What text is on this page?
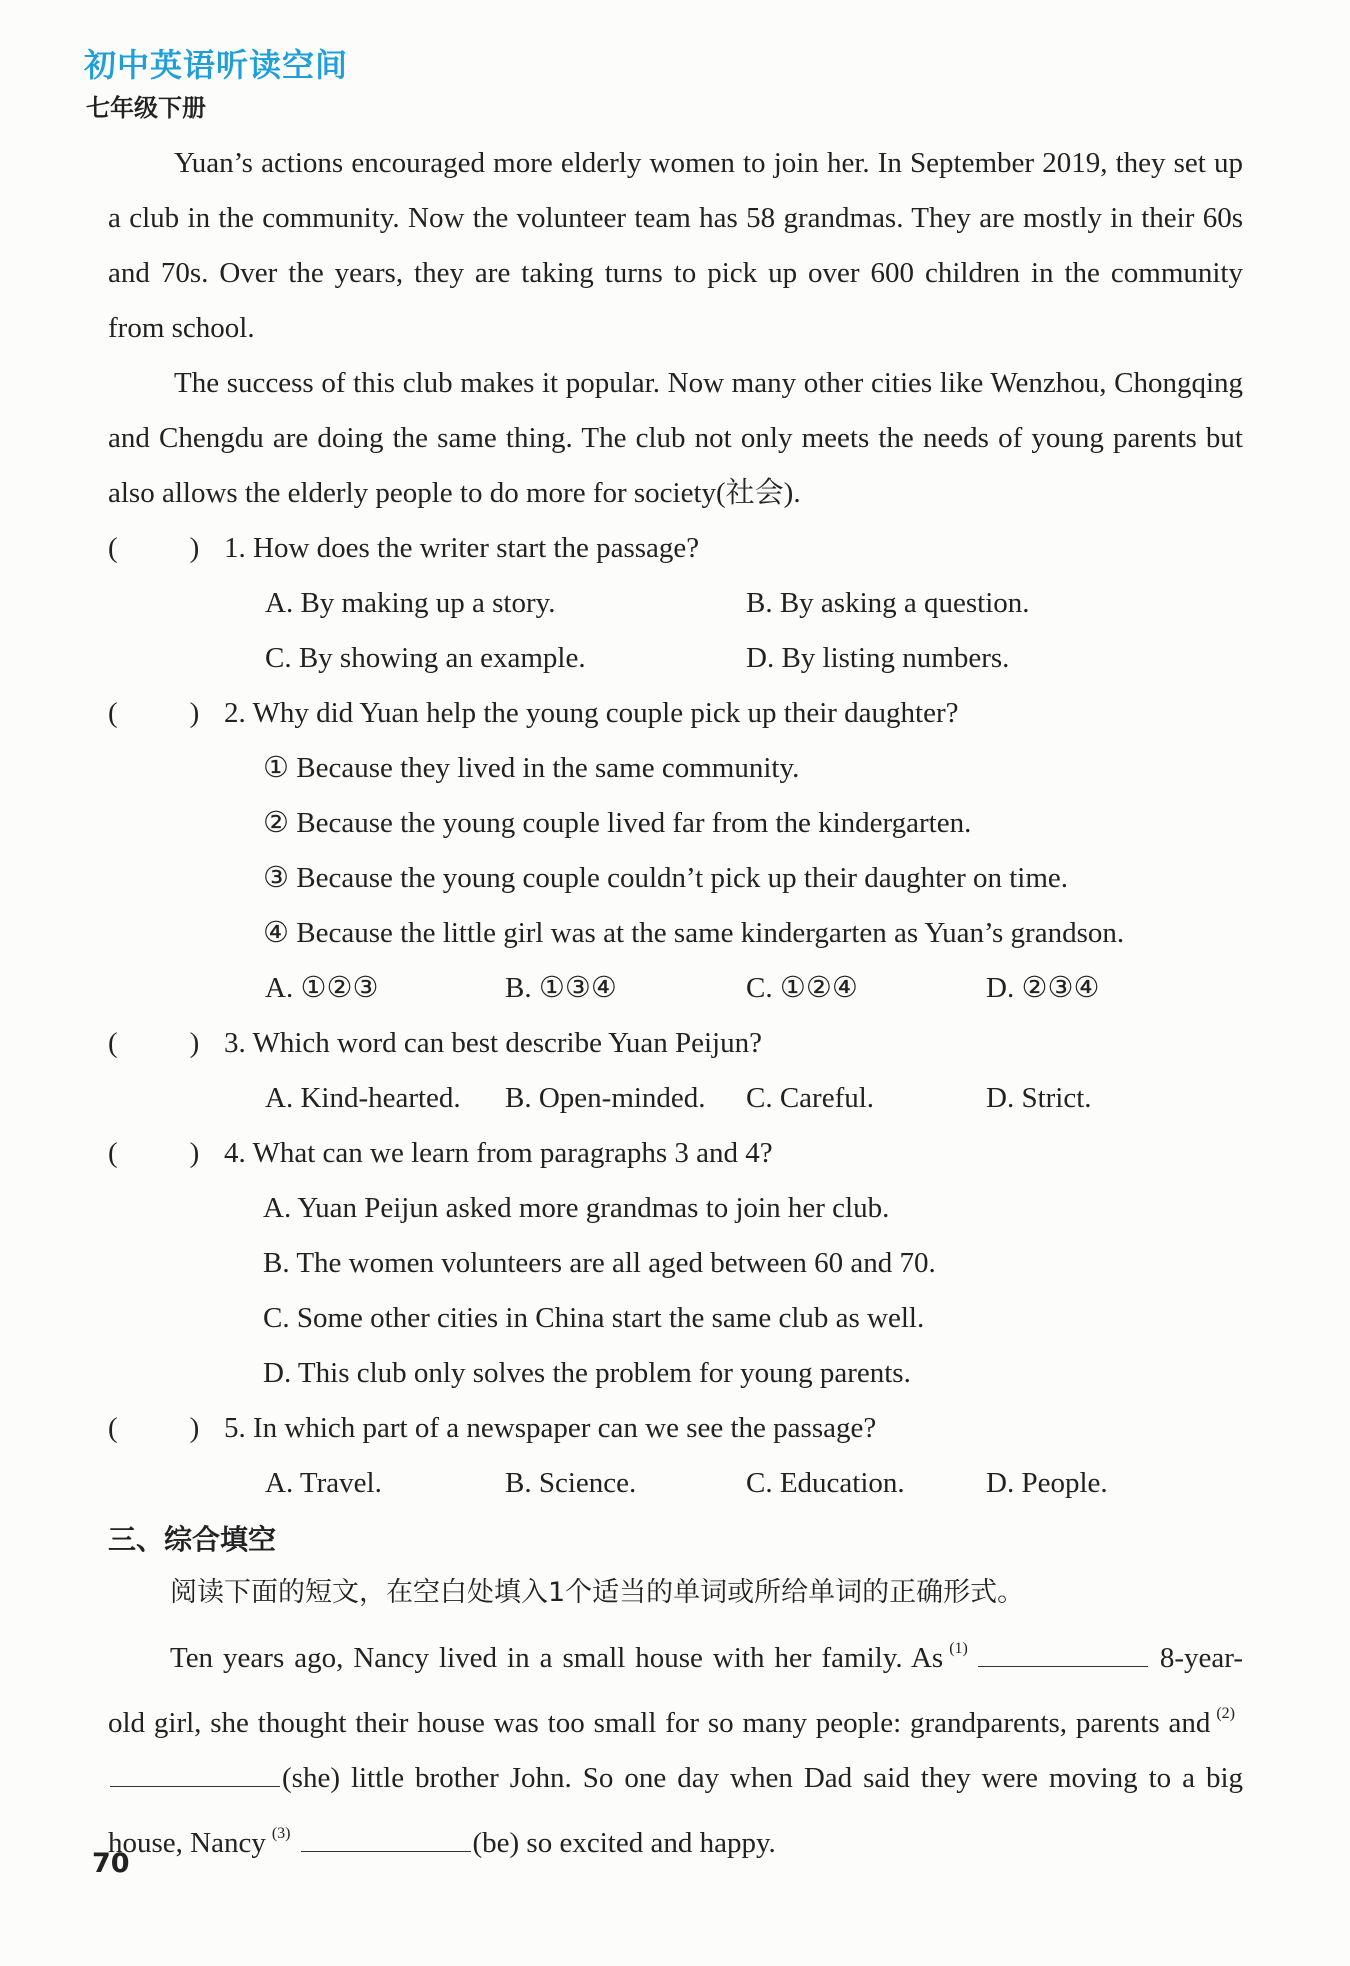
初中英语听读空间
七年级下册

Yuan’s actions encouraged more elderly women to join her. In September 2019, they set up a club in the community. Now the volunteer team has 58 grandmas. They are mostly in their 60s and 70s. Over the years, they are taking turns to pick up over 600 children in the community from school.

The success of this club makes it popular. Now many other cities like Wenzhou, Chongqing and Chengdu are doing the same thing. The club not only meets the needs of young parents but also allows the elderly people to do more for society(社会).

( ) 1. How does the writer start the passage?
A. By making up a story.	B. By asking a question.
C. By showing an example.	D. By listing numbers.
( ) 2. Why did Yuan help the young couple pick up their daughter?
① Because they lived in the same community.
② Because the young couple lived far from the kindergarten.
③ Because the young couple couldn’t pick up their daughter on time.
④ Because the little girl was at the same kindergarten as Yuan’s grandson.
A. ①②③	B. ①③④	C. ①②④	D. ②③④
( ) 3. Which word can best describe Yuan Peijun?
A. Kind-hearted. B. Open-minded. C. Careful.	D. Strict.
( ) 4. What can we learn from paragraphs 3 and 4?
A. Yuan Peijun asked more grandmas to join her club.
B. The women volunteers are all aged between 60 and 70.
C. Some other cities in China start the same club as well.
D. This club only solves the problem for young parents.
( ) 5. In which part of a newspaper can we see the passage?
A. Travel.	B. Science.	C. Education.	D. People.
三、综合填空
阅读下面的短文，在空白处填入1个适当的单词或所给单词的正确形式。

Ten years ago, Nancy lived in a small house with her family. As $^{(1)}$	8-year-old girl, she thought their house was too small for so many people: grandparents, parents and $^{(2)}$(she) little brother John. So one day when Dad said they were moving to a big house, Nancy $^{(3)}$	(be) so excited and happy.

70
